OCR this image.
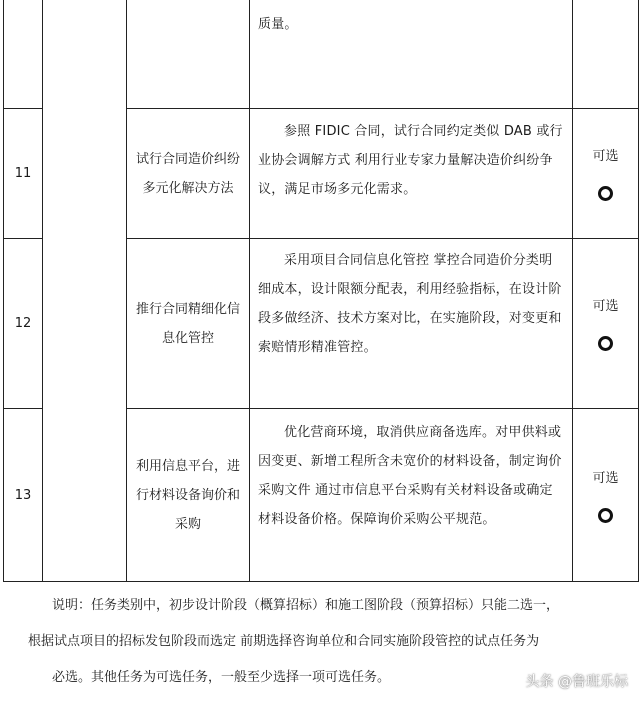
质量。
11
试行合同造价纠纷
多元化解决方法
参照 FIDIC 合同，试行合同约定类似 DAB 或行
业协会调解方式 利用行业专家力量解决造价纠纷争
议，满足市场多元化需求。
可选
12
推行合同精细化信
息化管控
采用项目合同信息化管控 掌控合同造价分类明
细成本，设计限额分配表，利用经验指标，在设计阶
段多做经济、技术方案对比，在实施阶段，对变更和
索赔情形精准管控。
可选
13
利用信息平台，进
行材料设备询价和
采购
优化营商环境，取消供应商备选库。对甲供料或
因变更、新增工程所含未宽价的材料设备，制定询价
采购文件 通过市信息平台采购有关材料设备或确定
材料设备价格。保障询价采购公平规范。
可选
说明：任务类别中，初步设计阶段（概算招标）和施工图阶段（预算招标）只能二选一，
根据试点项目的招标发包阶段而选定 前期选择咨询单位和合同实施阶段管控的试点任务为
必选。其他任务为可选任务，一般至少选择一项可选任务。	头条 @鲁班乐标
